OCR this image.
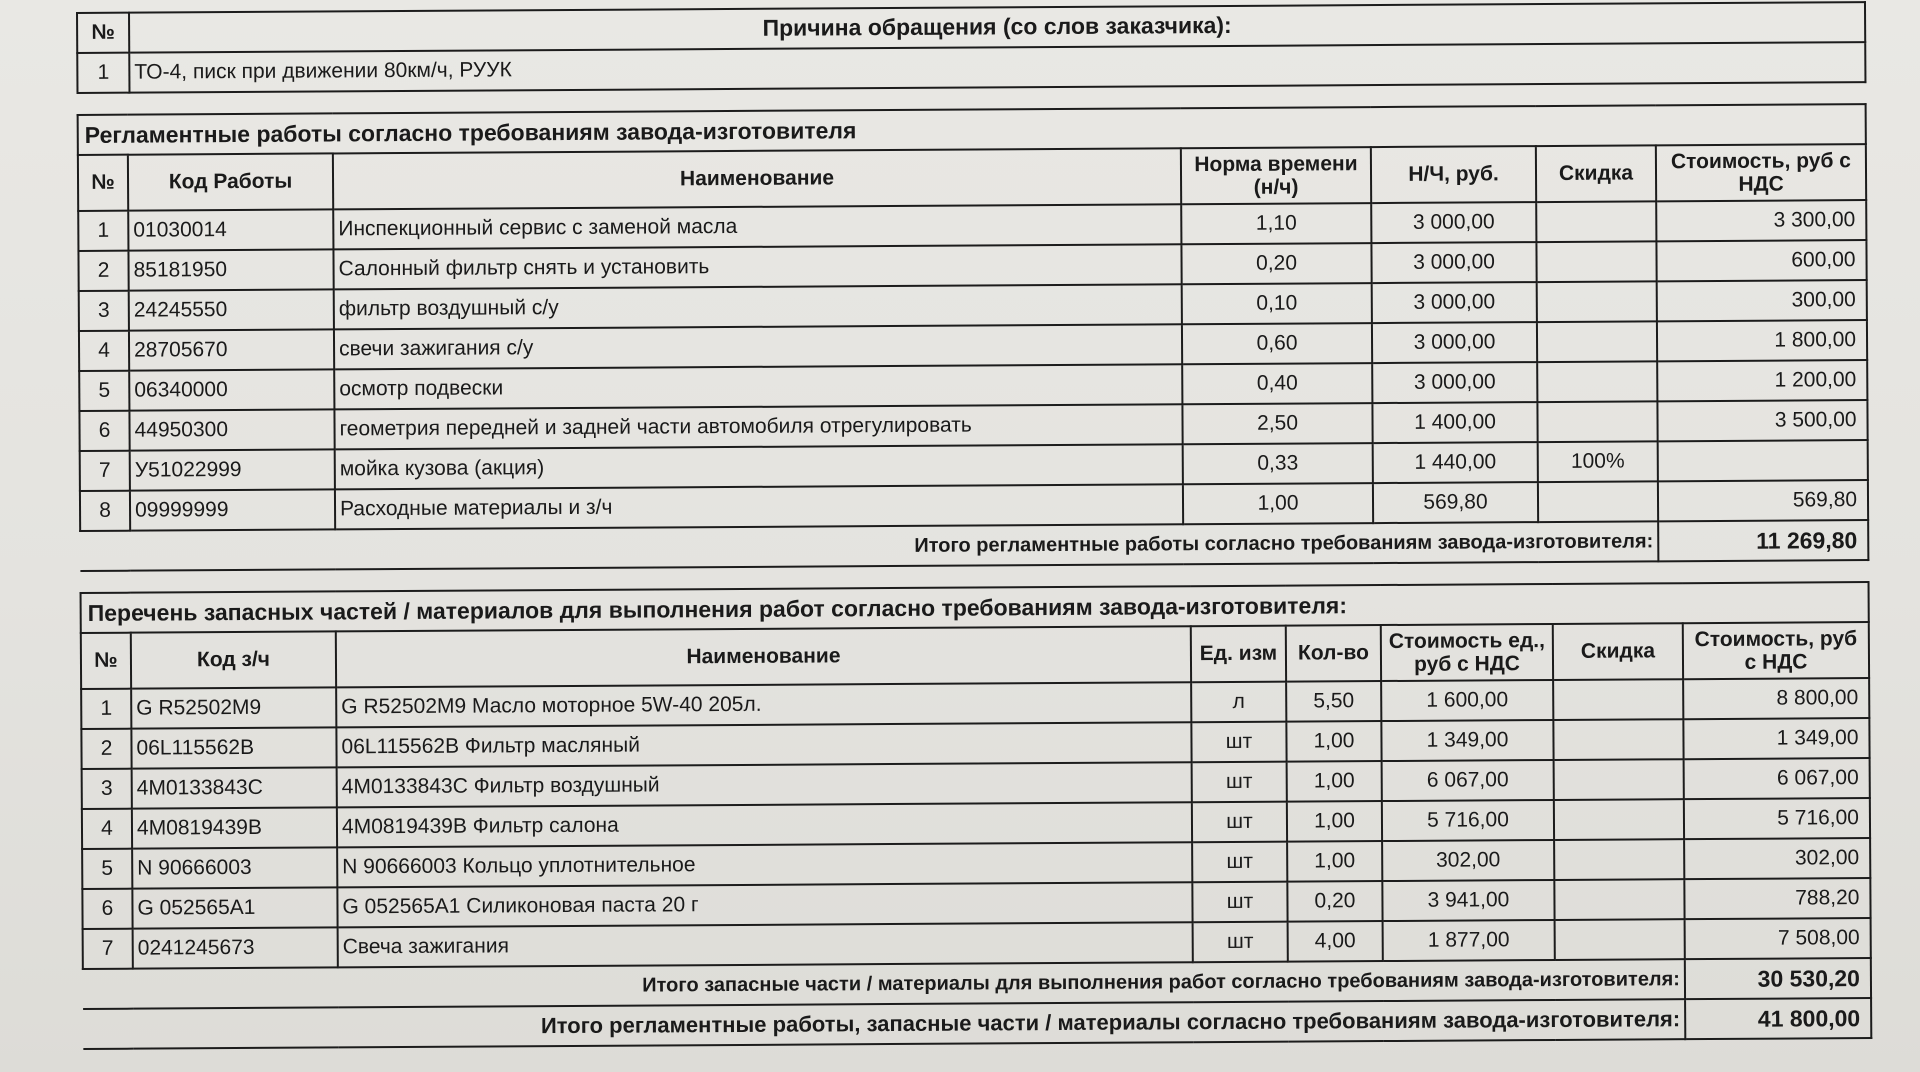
№	Причина обращения (со слов заказчика):
1	ТО-4, писк при движении 80км/ч, РУУК
Регламентные работы согласно требованиям завода-изготовителя						
№	Код Работы	Наименование	Норма времени (н/ч)	Н/Ч, руб.	Скидка	Стоимость, руб с НДС
1	01030014	Инспекционный сервис с заменой масла	1,10	3 000,00		3 300,00
2	85181950	Салонный фильтр снять и установить	0,20	3 000,00		600,00
3	24245550	фильтр воздушный с/у	0,10	3 000,00		300,00
4	28705670	свечи зажигания с/у	0,60	3 000,00		1 800,00
5	06340000	осмотр подвески	0,40	3 000,00		1 200,00
6	44950300	геометрия передней и задней части автомобиля отрегулировать	2,50	1 400,00		3 500,00
7	У51022999	мойка кузова (акция)	0,33	1 440,00	100%	
8	09999999	Расходные материалы и з/ч	1,00	569,80		569,80
Итого регламентные работы согласно требованиям завода-изготовителя:						11 269,80
Перечень запасных частей / материалов для выполнения работ согласно требованиям завода-изготовителя:							
№	Код з/ч	Наименование	Ед. изм	Кол-во	Стоимость ед., руб с НДС	Скидка	Стоимость, руб с НДС
1	G R52502M9	G R52502M9 Масло моторное 5W-40 205л.	л	5,50	1 600,00		8 800,00
2	06L115562B	06L115562B Фильтр масляный	шт	1,00	1 349,00		1 349,00
3	4M0133843C	4M0133843C Фильтр воздушный	шт	1,00	6 067,00		6 067,00
4	4M0819439B	4M0819439B Фильтр салона	шт	1,00	5 716,00		5 716,00
5	N 90666003	N 90666003 Кольцо уплотнительное	шт	1,00	302,00		302,00
6	G 052565A1	G 052565A1 Силиконовая паста 20 г	шт	0,20	3 941,00		788,20
7	0241245673	Свеча зажигания	шт	4,00	1 877,00		7 508,00
Итого запасные части / материалы для выполнения работ согласно требованиям завода-изготовителя:							30 530,20
Итого регламентные работы, запасные части / материалы согласно требованиям завода-изготовителя:							41 800,00
